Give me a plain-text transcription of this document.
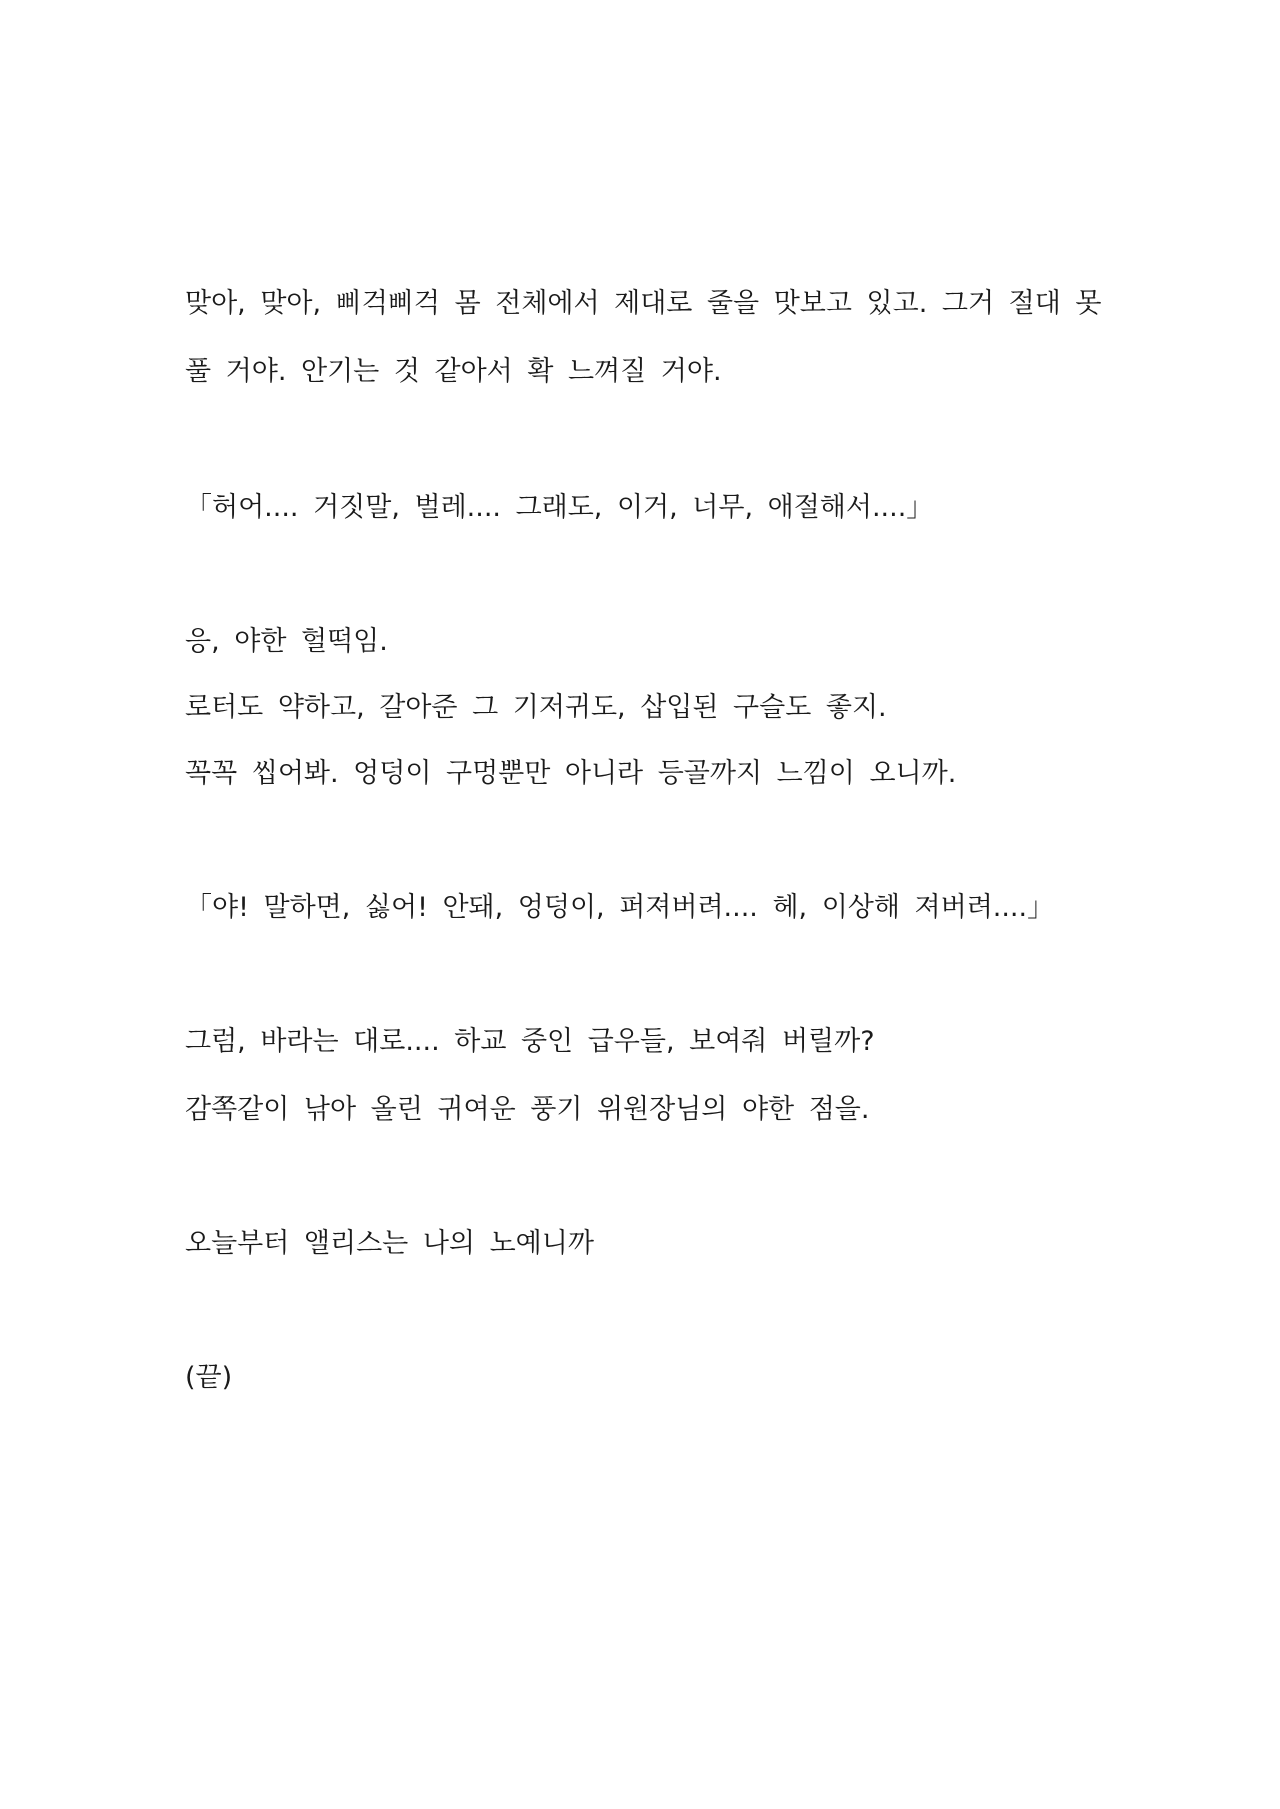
맞아, 맞아, 삐걱삐걱 몸 전체에서 제대로 줄을 맛보고 있고. 그거 절대 못
풀 거야. 안기는 것 같아서 확 느껴질 거야.
「허어.... 거짓말, 벌레.... 그래도, 이거, 너무, 애절해서....」
응, 야한 헐떡임.
로터도 약하고, 갈아준 그 기저귀도, 삽입된 구슬도 좋지.
꼭꼭 씹어봐. 엉덩이 구멍뿐만 아니라 등골까지 느낌이 오니까.
「야! 말하면, 싫어! 안돼, 엉덩이, 퍼져버려.... 헤, 이상해 져버려....」
그럼, 바라는 대로.... 하교 중인 급우들, 보여줘 버릴까?
감쪽같이 낚아 올린 귀여운 풍기 위원장님의 야한 점을.
오늘부터 앨리스는 나의 노예니까
(끝)
